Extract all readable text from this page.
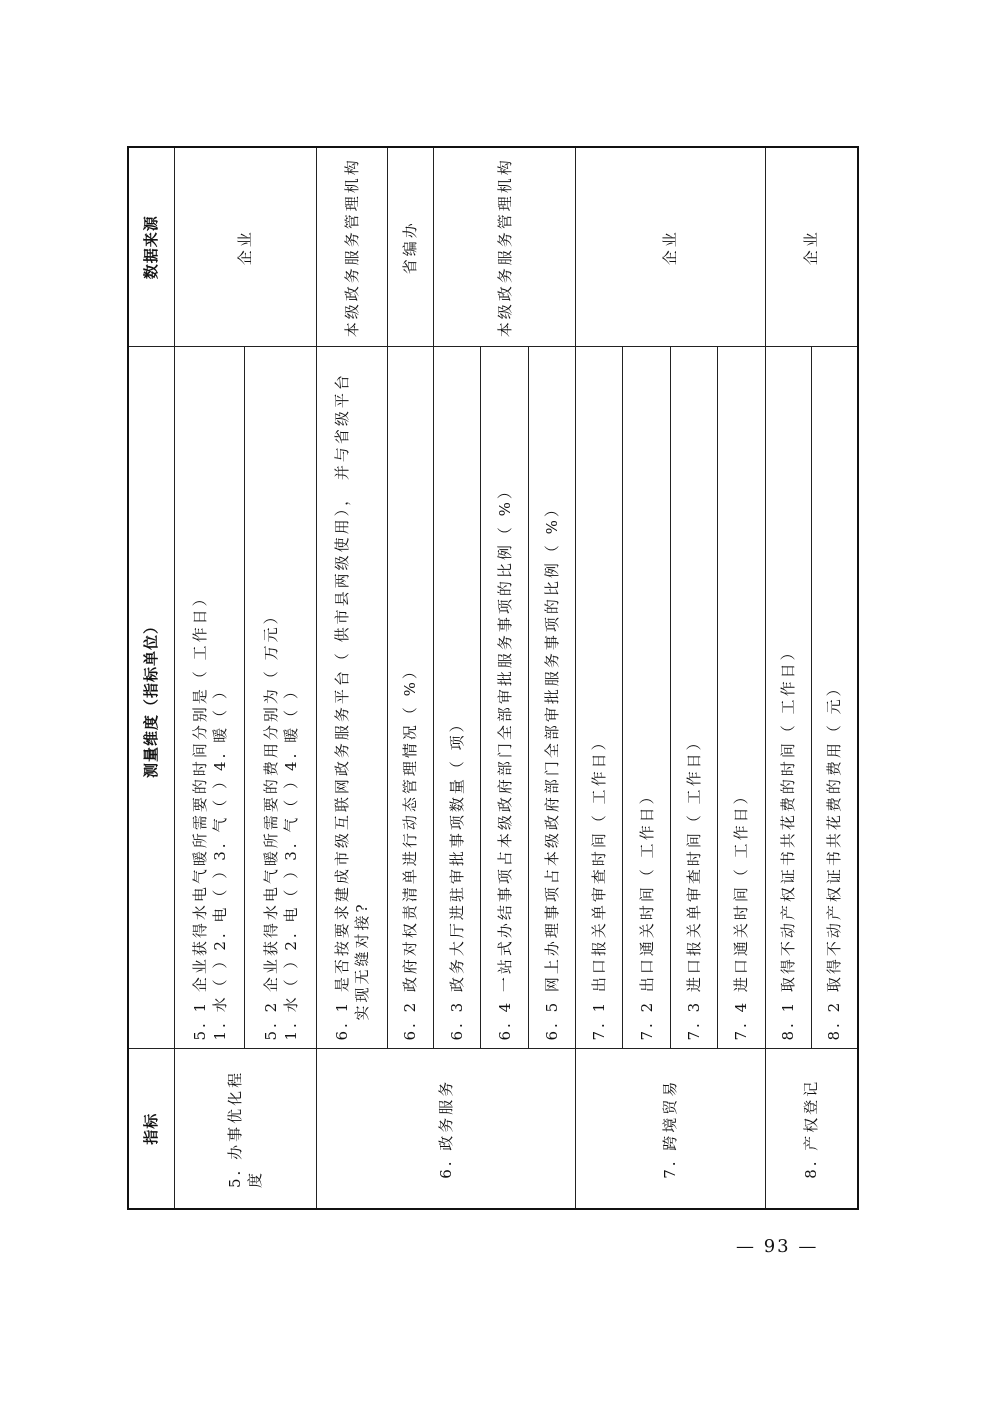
指标	测量维度（指标单位）	数据来源
5. 办事优化程度	5. 1 企业获得水电气暖所需要的时间分别是（ 工作日） 1. 水（ ）2. 电（ ）3. 气（ ）4. 暖（ ）	企业

	5. 2 企业获得水电气暖所需要的费用分别为（ 万元） 1. 水（ ）2. 电（ ）3. 气（ ）4. 暖（ ）	

6. 政务服务	6. 1 是否按要求建成市级互联网政务服务平台（ 供市县两级使用）， 并与省级平台 实现无缝对接?	本级政务服务管理机构
	6. 2 政府对权责清单进行动态管理情况（ %）	省编办
	6. 3 政务大厅进驻审批事项数量（ 项）	本级政务服务管理机构
	6. 4 一站式办结事项占本级政府部门全部审批服务事项的比例（ %）	
	6. 5 网上办理事项占本级政府部门全部审批服务事项的比例（ %）	
7. 跨境贸易	7. 1 出口报关单审查时间（ 工作日）	企业
	7. 2 出口通关时间（ 工作日）	
	7. 3 进口报关单审查时间（ 工作日）	
	7. 4 进口通关时间（ 工作日）	
8. 产权登记	8. 1 取得不动产权证书共花费的时间（ 工作日）	企业
	8. 2 取得不动产权证书共花费的费用（ 元）	
— 93 —
